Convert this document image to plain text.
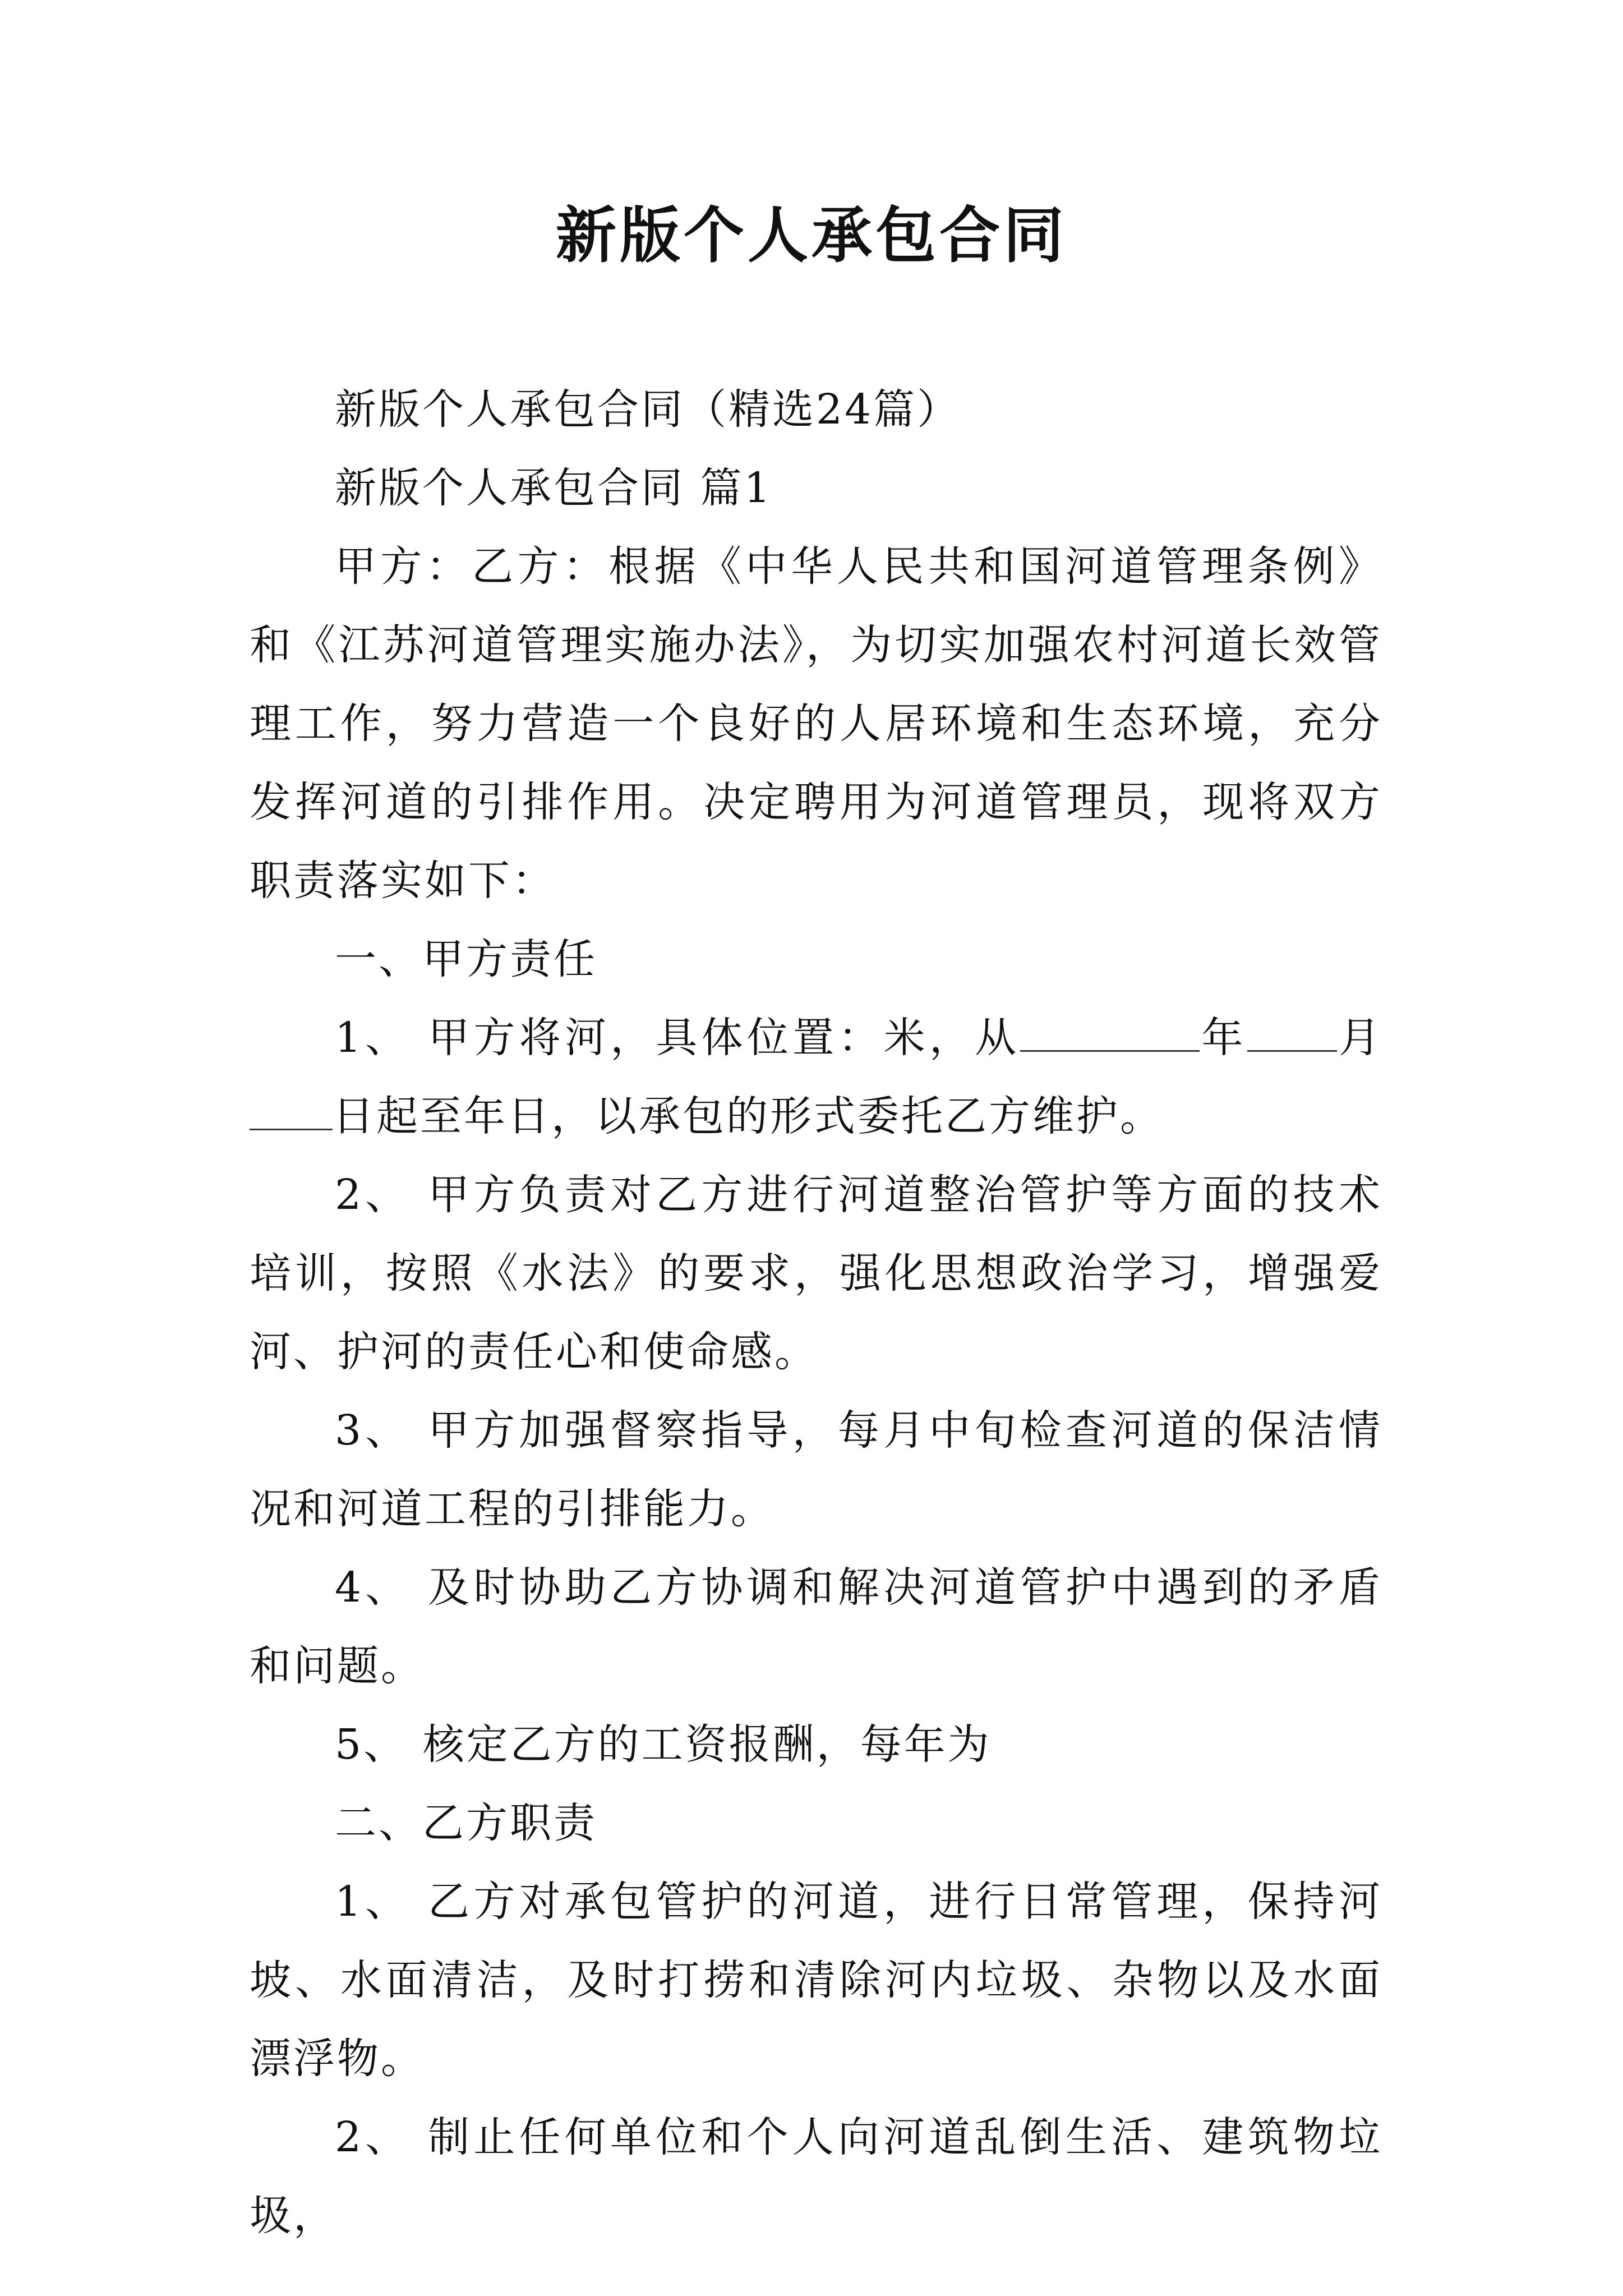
新版个人承包合同

新版个人承包合同（精选24篇）

新版个人承包合同 篇1

甲方：乙方：根据《中华人民共和国河道管理条例》和《江苏河道管理实施办法》，为切实加强农村河道长效管理工作，努力营造一个良好的人居环境和生态环境，充分发挥河道的引排作用。决定聘用为河道管理员，现将双方职责落实如下：

一、甲方责任

1、 甲方将河，具体位置：米，从	年 月日起至年日，以承包的形式委托乙方维护。

2、 甲方负责对乙方进行河道整治管护等方面的技术培训，按照《水法》的要求，强化思想政治学习，增强爱河、护河的责任心和使命感。

3、 甲方加强督察指导，每月中旬检查河道的保洁情况和河道工程的引排能力。

4、 及时协助乙方协调和解决河道管护中遇到的矛盾和问题。

5、 核定乙方的工资报酬，每年为

二、乙方职责

1、 乙方对承包管护的河道，进行日常管理，保持河坡、水面清洁，及时打捞和清除河内垃圾、杂物以及水面漂浮物。

2、 制止任何单位和个人向河道乱倒生活、建筑物垃圾，
